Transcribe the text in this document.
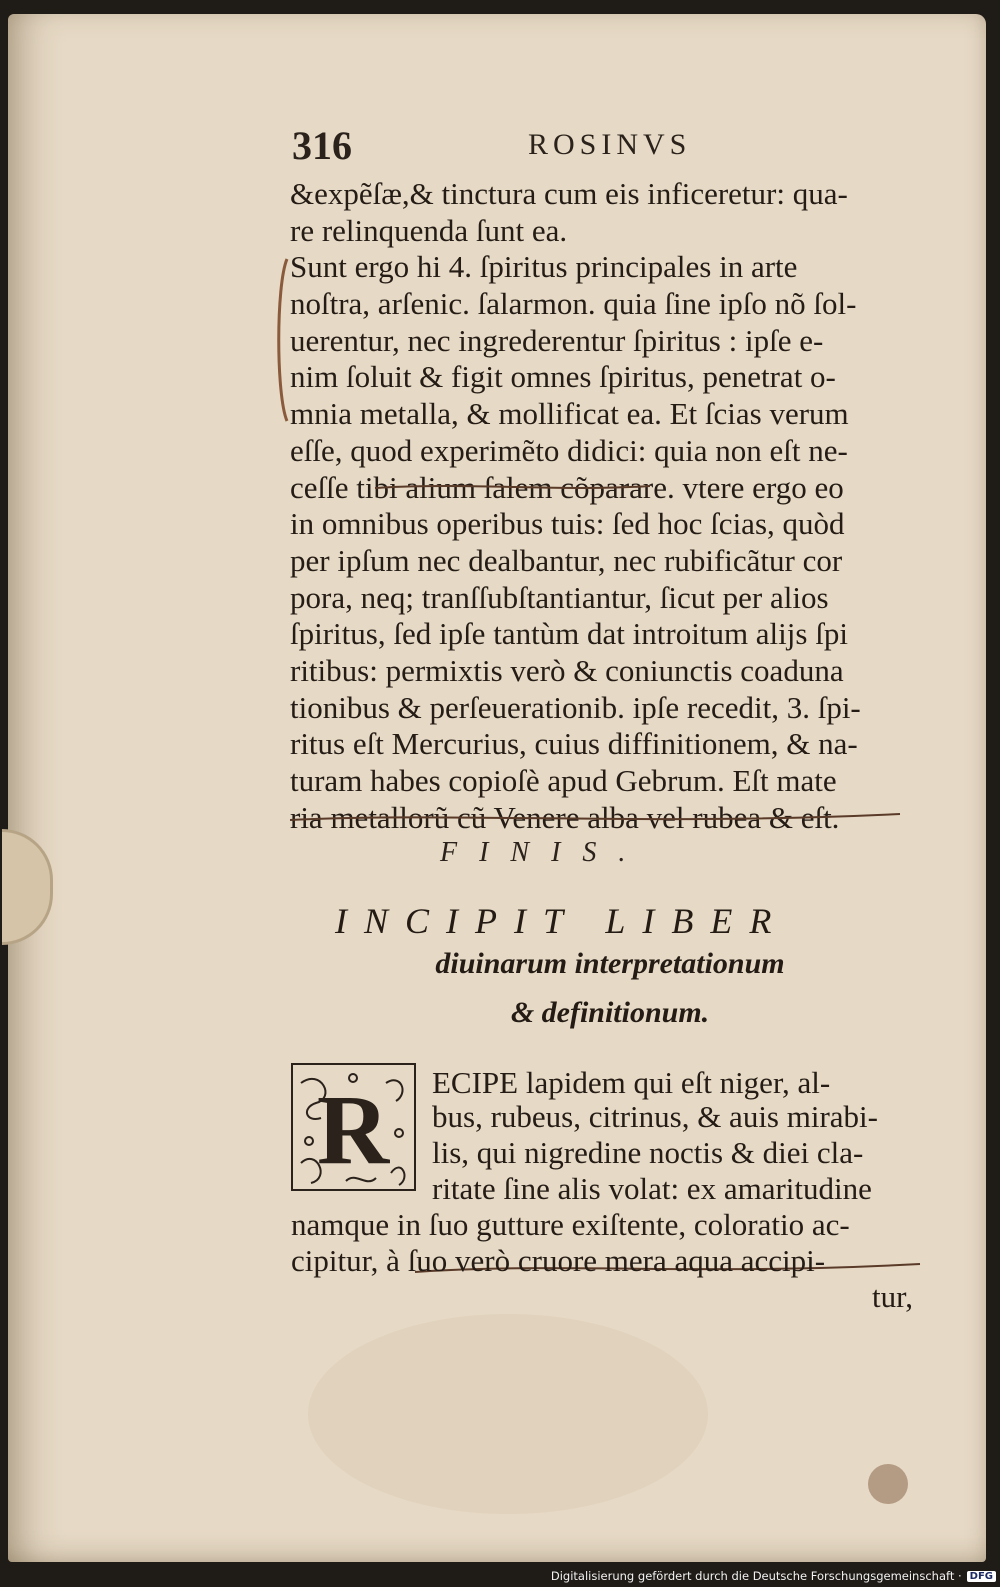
316	ROSINVS
&expẽſæ,& tinctura cum eis inficeretur: qua-
re relinquenda ſunt ea.
Sunt ergo hi 4. ſpiritus principales in arte
noſtra, arſenic. ſalarmon. quia ſine ipſo nõ ſol-
uerentur, nec ingrederentur ſpiritus : ipſe e-
nim ſoluit & figit omnes ſpiritus, penetrat o-
mnia metalla, & mollificat ea. Et ſcias verum
eſſe, quod experimẽto didici: quia non eſt ne-
ceſſe tibi alium ſalem cõparare. vtere ergo eo
in omnibus operibus tuis: ſed hoc ſcias, quòd
per ipſum nec dealbantur, nec rubificãtur cor
pora, neq; tranſſubſtantiantur, ſicut per alios
ſpiritus, ſed ipſe tantùm dat introitum alijs ſpi
ritibus: permixtis verò & coniunctis coaduna
tionibus & perſeuerationib. ipſe recedit, 3. ſpi-
ritus eſt Mercurius, cuius diffinitionem, & na-
turam habes copioſè apud Gebrum. Eſt mate
ria metallorũ cũ Venere alba vel rubea & eſt.
FINIS.
INCIPIT LIBER
diuinarum interpretationum
& definitionum.
R ECIPE lapidem qui eſt niger, al-
bus, rubeus, citrinus, & auis mirabi-
lis, qui nigredine noctis & diei cla-
ritate ſine alis volat: ex amaritudine
namque in ſuo gutture exiſtente, coloratio ac-
cipitur, à ſuo verò cruore mera aqua accipi-
tur,
Digitalisierung gefördert durch die Deutsche Forschungsgemeinschaft · DFG
